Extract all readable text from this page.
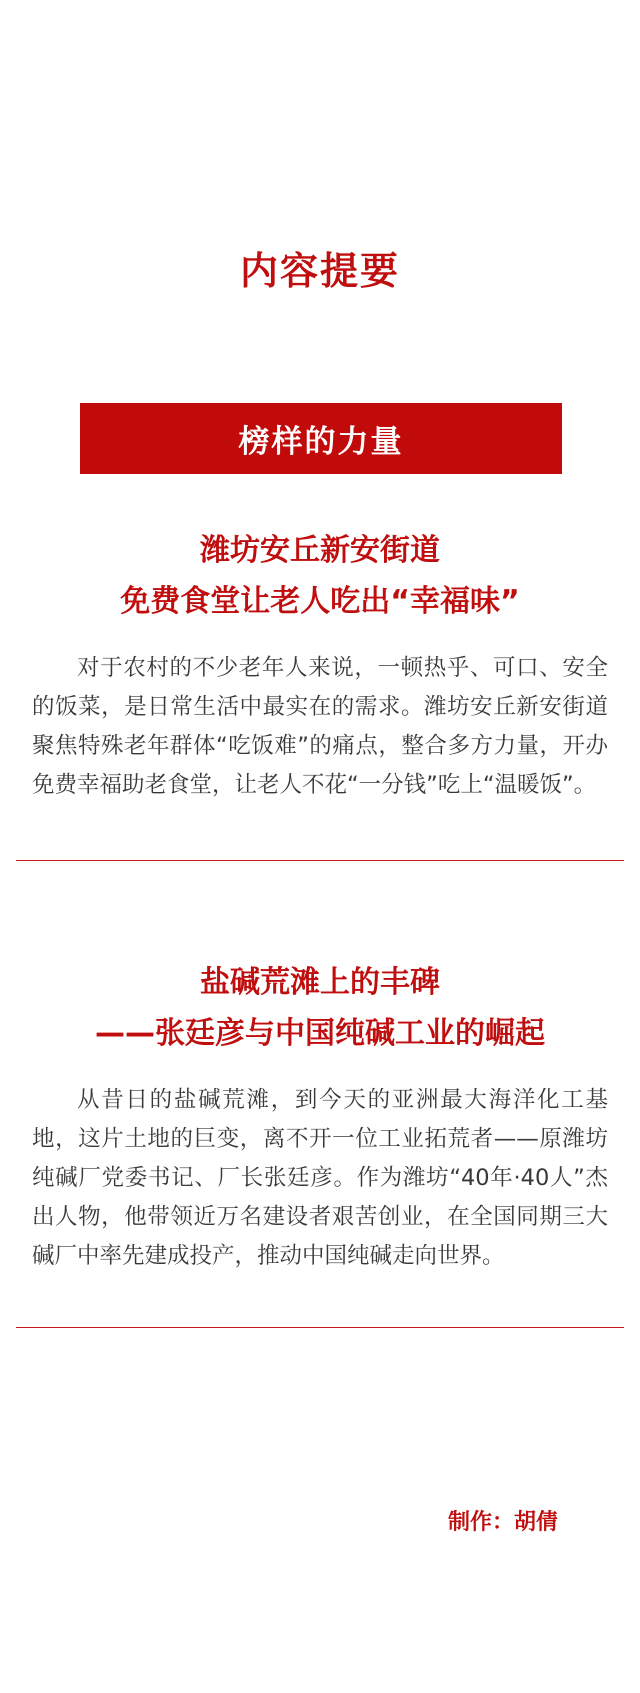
内容提要
榜样的力量
潍坊安丘新安街道
免费食堂让老人吃出“幸福味”
对于农村的不少老年人来说，一顿热乎、可口、安全的饭菜，是日常生活中最实在的需求。潍坊安丘新安街道聚焦特殊老年群体“吃饭难”的痛点，整合多方力量，开办免费幸福助老食堂，让老人不花“一分钱”吃上“温暖饭”。
盐碱荒滩上的丰碑
——张廷彦与中国纯碱工业的崛起
从昔日的盐碱荒滩，到今天的亚洲最大海洋化工基地，这片土地的巨变，离不开一位工业拓荒者——原潍坊纯碱厂党委书记、厂长张廷彦。作为潍坊“40年·40人”杰出人物，他带领近万名建设者艰苦创业，在全国同期三大碱厂中率先建成投产，推动中国纯碱走向世界。
制作：胡倩
